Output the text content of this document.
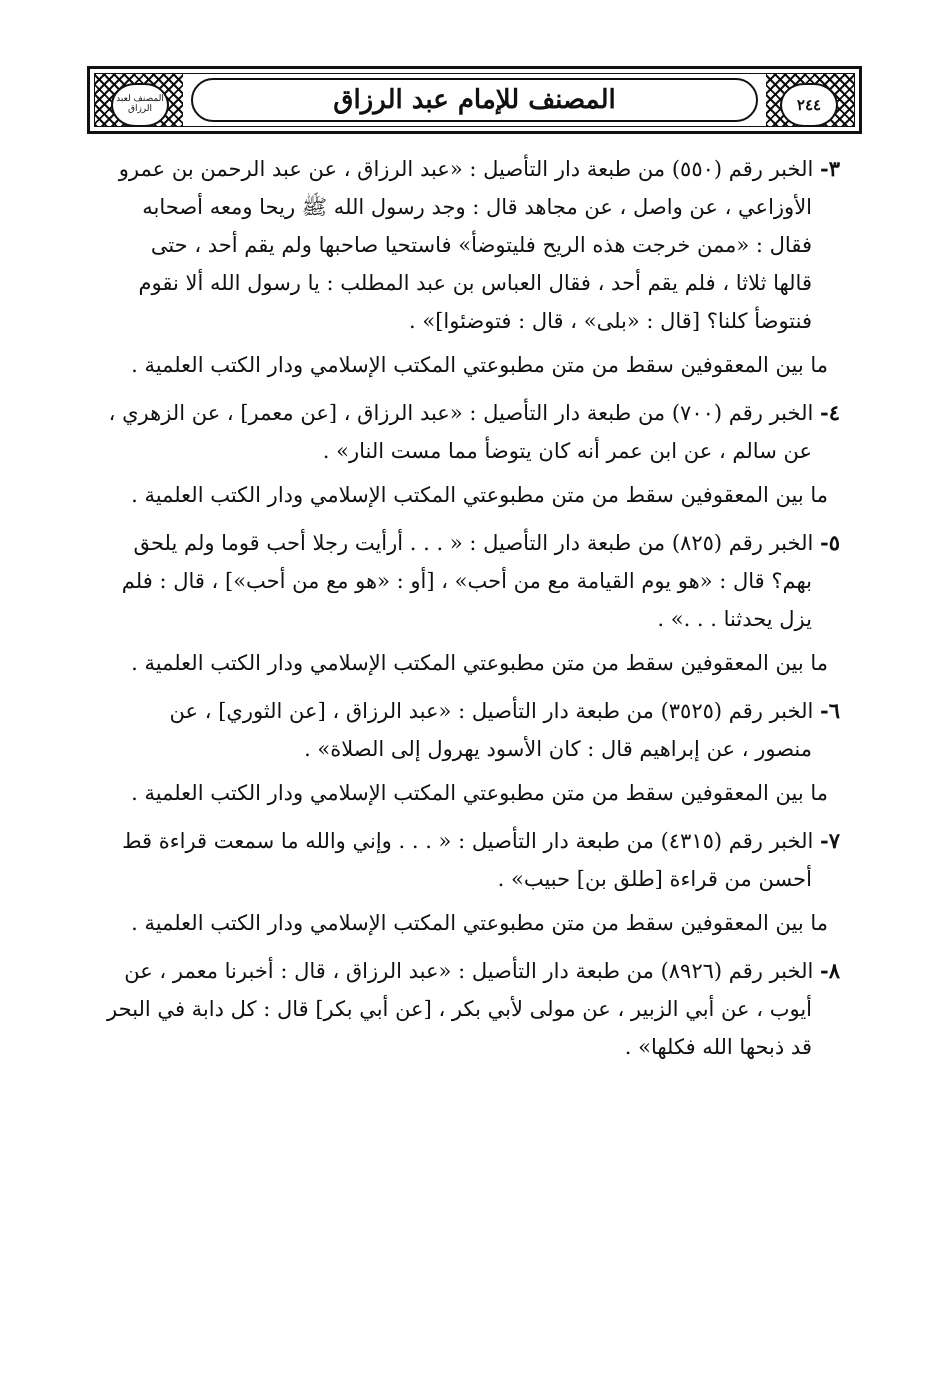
المصنف لعبد الرزاق	المصنف للإمام عبد الرزاق	٢٤٤
٣- الخبر رقم (٥٥٠) من طبعة دار التأصيل : «عبد الرزاق ، عن عبد الرحمن بن عمرو
الأوزاعي ، عن واصل ، عن مجاهد قال : وجد رسول الله ﷺ ريحا ومعه أصحابه
فقال : «ممن خرجت هذه الريح فليتوضأ» فاستحيا صاحبها ولم يقم أحد ، حتى
قالها ثلاثا ، فلم يقم أحد ، فقال العباس بن عبد المطلب : يا رسول الله ألا نقوم
فنتوضأ كلنا؟ [قال : «بلى» ، قال : فتوضئوا]» .
ما بين المعقوفين سقط من متن مطبوعتي المكتب الإسلامي ودار الكتب العلمية .
٤- الخبر رقم (٧٠٠) من طبعة دار التأصيل : «عبد الرزاق ، [عن معمر] ، عن الزهري ،
عن سالم ، عن ابن عمر أنه كان يتوضأ مما مست النار» .
ما بين المعقوفين سقط من متن مطبوعتي المكتب الإسلامي ودار الكتب العلمية .
٥- الخبر رقم (٨٢٥) من طبعة دار التأصيل : « . . . أرأيت رجلا أحب قوما ولم يلحق
بهم؟ قال : «هو يوم القيامة مع من أحب» ، [أو : «هو مع من أحب»] ، قال : فلم
يزل يحدثنا . . .» .
ما بين المعقوفين سقط من متن مطبوعتي المكتب الإسلامي ودار الكتب العلمية .
٦- الخبر رقم (٣٥٢٥) من طبعة دار التأصيل : «عبد الرزاق ، [عن الثوري] ، عن
منصور ، عن إبراهيم قال : كان الأسود يهرول إلى الصلاة» .
ما بين المعقوفين سقط من متن مطبوعتي المكتب الإسلامي ودار الكتب العلمية .
٧- الخبر رقم (٤٣١٥) من طبعة دار التأصيل : « . . . وإني والله ما سمعت قراءة قط
أحسن من قراءة [طلق بن] حبيب» .
ما بين المعقوفين سقط من متن مطبوعتي المكتب الإسلامي ودار الكتب العلمية .
٨- الخبر رقم (٨٩٢٦) من طبعة دار التأصيل : «عبد الرزاق ، قال : أخبرنا معمر ، عن
أيوب ، عن أبي الزبير ، عن مولى لأبي بكر ، [عن أبي بكر] قال : كل دابة في البحر
قد ذبحها الله فكلها» .
